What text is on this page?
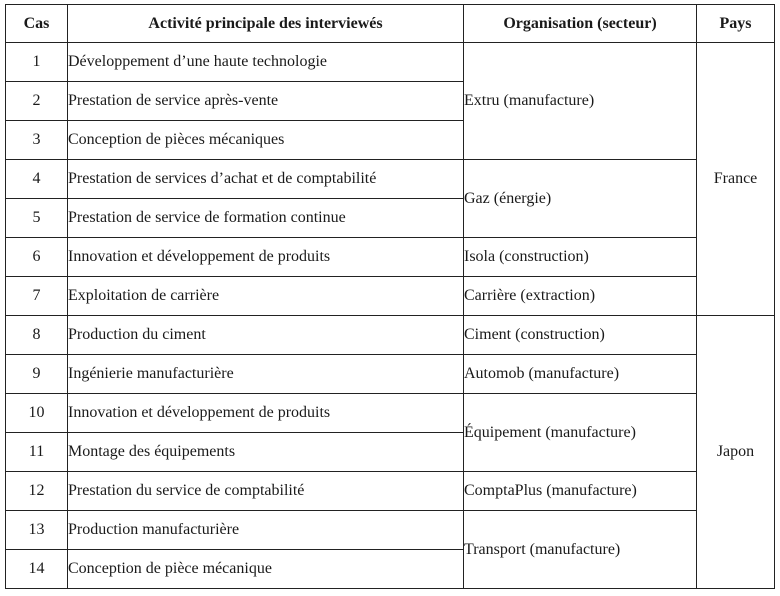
Cas	Activité principale des interviewés	Organisation (secteur)	Pays
1	Développement d’une haute technologie	Extru (manufacture)	France
2	Prestation de service après-vente		
3	Conception de pièces mécaniques		
4	Prestation de services d’achat et de comptabilité	Gaz (énergie)	
5	Prestation de service de formation continue		
6	Innovation et développement de produits	Isola (construction)	
7	Exploitation de carrière	Carrière (extraction)	
8	Production du ciment	Ciment (construction)	Japon
9	Ingénierie manufacturière	Automob (manufacture)	
10	Innovation et développement de produits	Équipement (manufacture)	
11	Montage des équipements		
12	Prestation du service de comptabilité	ComptaPlus (manufacture)	
13	Production manufacturière	Transport (manufacture)	
14	Conception de pièce mécanique		
